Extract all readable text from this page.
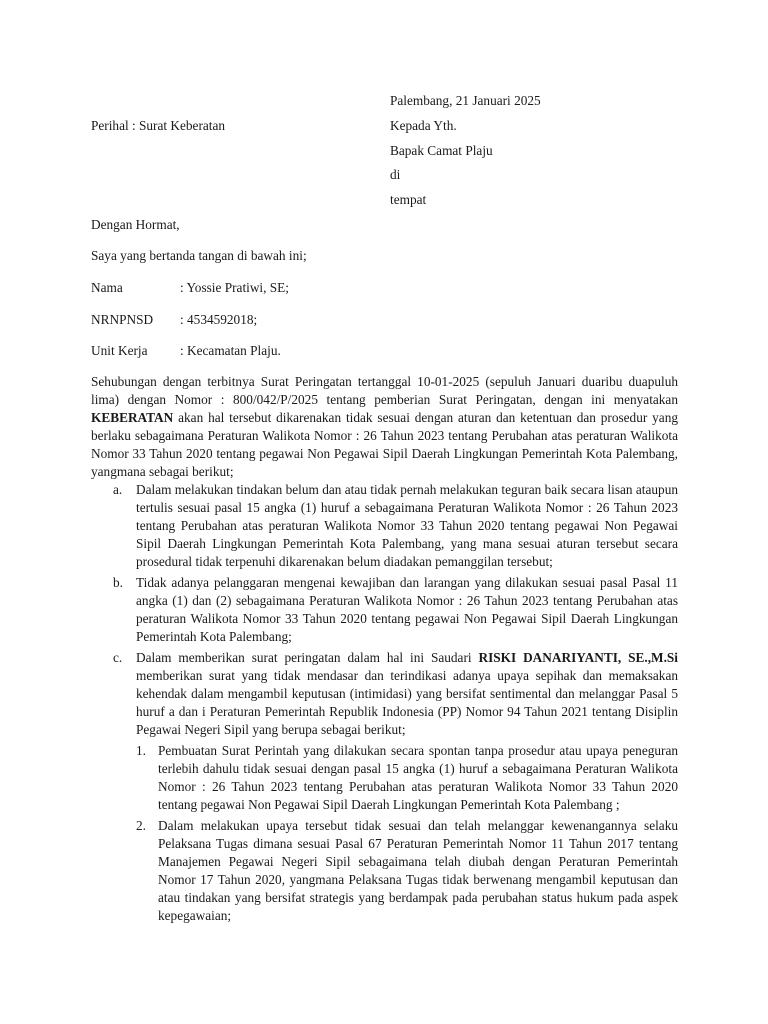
Palembang, 21 Januari 2025
Perihal : Surat Keberatan	Kepada Yth.
Bapak Camat Plaju
di
tempat
Dengan Hormat,
Saya yang bertanda tangan di bawah ini;
Nama	: Yossie Pratiwi, SE;
NRNPNSD : 4534592018;
Unit Kerja : Kecamatan Plaju.
Sehubungan dengan terbitnya Surat Peringatan tertanggal 10-01-2025 (sepuluh Januari duaribu duapuluh lima) dengan Nomor : 800/042/P/2025 tentang pemberian Surat Peringatan, dengan ini menyatakan KEBERATAN akan hal tersebut dikarenakan tidak sesuai dengan aturan dan ketentuan dan prosedur yang berlaku sebagaimana Peraturan Walikota Nomor : 26 Tahun 2023 tentang Perubahan atas peraturan Walikota Nomor 33 Tahun 2020 tentang pegawai Non Pegawai Sipil Daerah Lingkungan Pemerintah Kota Palembang, yangmana sebagai berikut;
a. Dalam melakukan tindakan belum dan atau tidak pernah melakukan teguran baik secara lisan ataupun tertulis sesuai pasal 15 angka (1) huruf a sebagaimana Peraturan Walikota Nomor : 26 Tahun 2023 tentang Perubahan atas peraturan Walikota Nomor 33 Tahun 2020 tentang pegawai Non Pegawai Sipil Daerah Lingkungan Pemerintah Kota Palembang, yang mana sesuai aturan tersebut secara prosedural tidak terpenuhi dikarenakan belum diadakan pemanggilan tersebut;
b. Tidak adanya pelanggaran mengenai kewajiban dan larangan yang dilakukan sesuai pasal Pasal 11 angka (1) dan (2) sebagaimana Peraturan Walikota Nomor : 26 Tahun 2023 tentang Perubahan atas peraturan Walikota Nomor 33 Tahun 2020 tentang pegawai Non Pegawai Sipil Daerah Lingkungan Pemerintah Kota Palembang;
c. Dalam memberikan surat peringatan dalam hal ini Saudari RISKI DANARIYANTI, SE.,M.Si memberikan surat yang tidak mendasar dan terindikasi adanya upaya sepihak dan memaksakan kehendak dalam mengambil keputusan (intimidasi) yang bersifat sentimental dan melanggar Pasal 5 huruf a dan i Peraturan Pemerintah Republik Indonesia (PP) Nomor 94 Tahun 2021 tentang Disiplin Pegawai Negeri Sipil yang berupa sebagai berikut;
1. Pembuatan Surat Perintah yang dilakukan secara spontan tanpa prosedur atau upaya peneguran terlebih dahulu tidak sesuai dengan pasal 15 angka (1) huruf a sebagaimana Peraturan Walikota Nomor : 26 Tahun 2023 tentang Perubahan atas peraturan Walikota Nomor 33 Tahun 2020 tentang pegawai Non Pegawai Sipil Daerah Lingkungan Pemerintah Kota Palembang ;
2. Dalam melakukan upaya tersebut tidak sesuai dan telah melanggar kewenangannya selaku Pelaksana Tugas dimana sesuai Pasal 67 Peraturan Pemerintah Nomor 11 Tahun 2017 tentang Manajemen Pegawai Negeri Sipil sebagaimana telah diubah dengan Peraturan Pemerintah Nomor 17 Tahun 2020, yangmana Pelaksana Tugas tidak berwenang mengambil keputusan dan atau tindakan yang bersifat strategis yang berdampak pada perubahan status hukum pada aspek kepegawaian;
